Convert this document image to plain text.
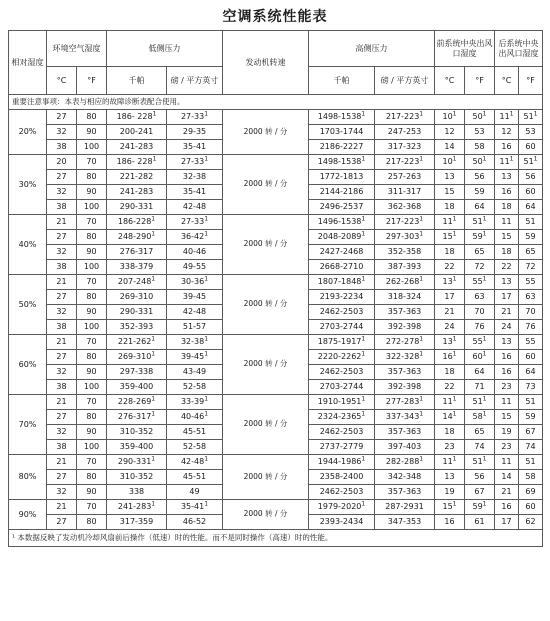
空调系统性能表
相对湿度	环境空气湿度		低侧压力		发动机转速	高侧压力		前系统中央出风口湿度		后系统中央出风口湿度	
	°C	°F	千帕	磅 / 平方英寸		千帕	磅 / 平方英寸	°C	°F	°C	°F
重要注意事项：本表与相应的故障诊断表配合使用。											
20%	27	80	186- $228^1$	$27-33^1$	2000 转 / 分	1498-1538$^1$	$217-223^1$	$10^1$	$50^1$	$11^1$	$51^1$
	32	90	200-241	29-35		1703-1744	247-253	12	53	12	53
	38	100	241-283	35-41		2186-2227	317-323	14	58	16	60
30%	20	70	186- $228^1$	$27-33^1$	2000 转 / 分	1498-1538$^1$	$217-223^1$	$10^1$	$50^1$	$11^1$	$51^1$
	27	80	221-282	32-38		1772-1813	257-263	13	56	13	56
	32	90	241-283	35-41		2144-2186	311-317	15	59	16	60
	38	100	290-331	42-48		2496-2537	362-368	18	64	18	64
40%	21	70	$186-228^1$	$27-33^1$	2000 转 / 分	1496-1538$^1$	$217-223^1$	$11^1$	$51^1$	11	51
	27	80	$248-290^1$	$36-42^1$		2048-2089$^1$	$297-303^1$	$15^1$	$59^1$	15	59
	32	90	276-317	40-46		2427-2468	352-358	18	65	18	65
	38	100	338-379	49-55		2668-2710	387-393	22	72	22	72
50%	21	70	$207-248^1$	$30-36^1$	2000 转 / 分	1807-1848$^1$	$262-268^1$	$13^1$	$55^1$	13	55
	27	80	269-310	39-45		2193-2234	318-324	17	63	17	63
	32	90	290-331	42-48		2462-2503	357-363	21	70	21	70
	38	100	352-393	51-57		2703-2744	392-398	24	76	24	76
60%	21	70	$221-262^1$	$32-38^1$	2000 转 / 分	1875-1917$^1$	$272-278^1$	$13^1$	$55^1$	13	55
	27	80	$269-310^1$	$39-45^1$		2220-2262$^1$	$322-328^1$	$16^1$	$60^1$	16	60
	32	90	297-338	43-49		2462-2503	357-363	18	64	16	64
	38	100	359-400	52-58		2703-2744	392-398	22	71	23	73
70%	21	70	$228-269^1$	$33-39^1$	2000 转 / 分	1910-1951$^1$	$277-283^1$	$11^1$	$51^1$	11	51
	27	80	$276-317^1$	$40-46^1$		2324-2365$^1$	$337-343^1$	$14^1$	$58^1$	15	59
	32	90	310-352	45-51		2462-2503	357-363	18	65	19	67
	38	100	359-400	52-58		2737-2779	397-403	23	74	23	74
80%	21	70	$290-331^1$	$42-48^1$	2000 转 / 分	1944-1986$^1$	$282-288^1$	$11^1$	$51^1$	11	51
	27	80	310-352	45-51		2358-2400	342-348	13	56	14	58
	32	90	338	49		2462-2503	357-363	19	67	21	69
90%	21	70	$241-283^1$	$35-41^1$	2000 转 / 分	1979-2020$^1$	287-2931	$15^1$	$59^1$	16	60
	27	80	317-359	46-52		2393-2434	347-353	16	61	17	62
¹ 本数据反映了发动机冷却风扇前后操作（低速）时的性能。而不是同时操作（高速）时的性能。											
